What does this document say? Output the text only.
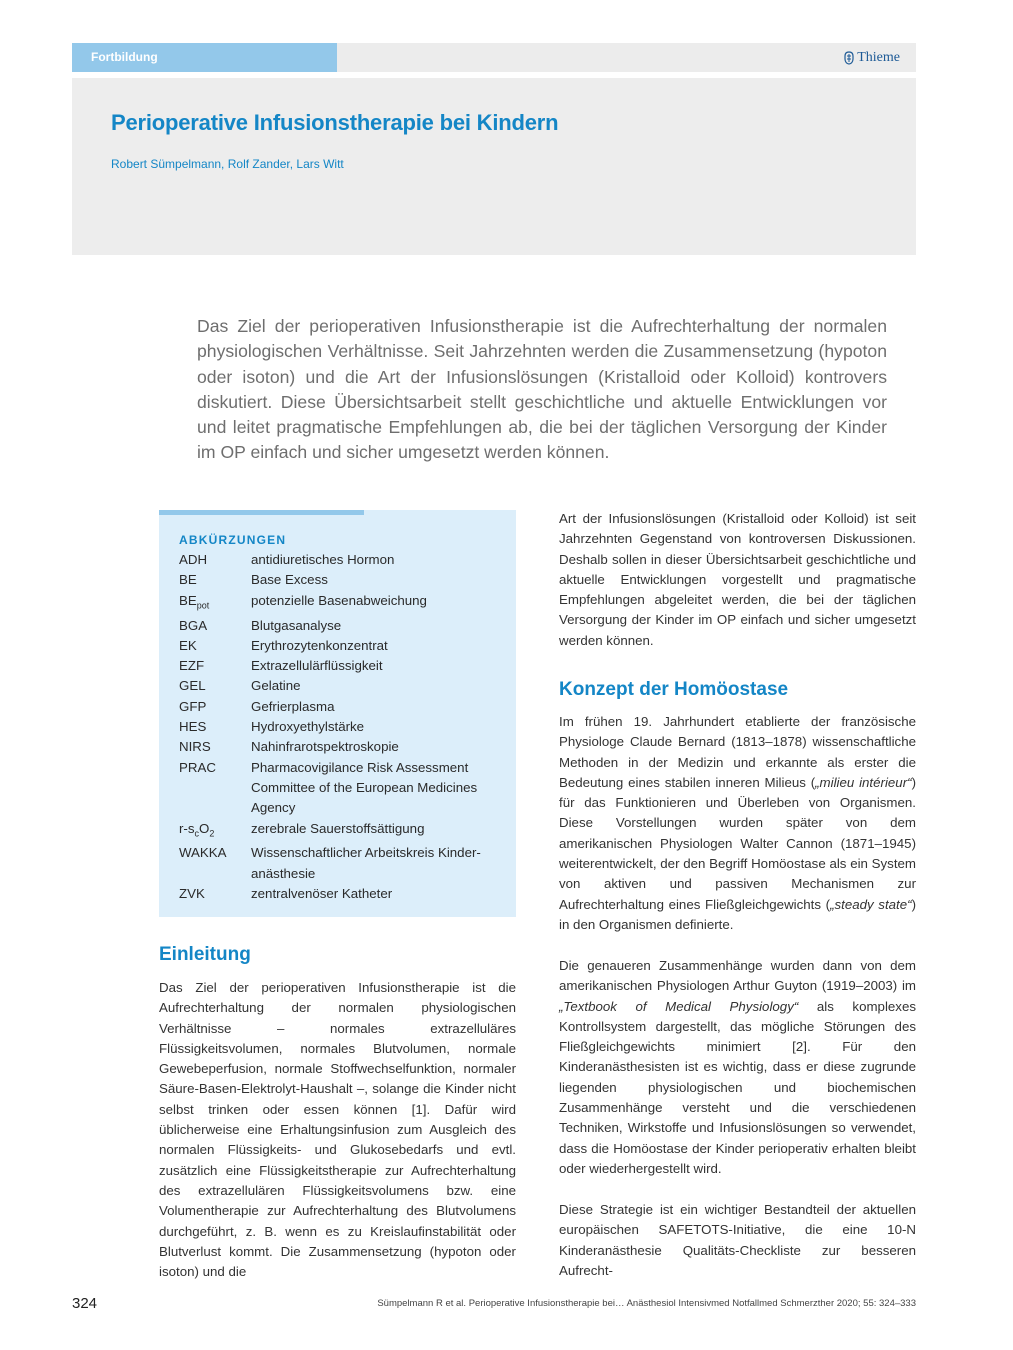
Fortbildung	Thieme
Perioperative Infusionstherapie bei Kindern
Robert Sümpelmann, Rolf Zander, Lars Witt

Das Ziel der perioperativen Infusionstherapie ist die Aufrechterhaltung der normalen physiologischen Verhältnisse. Seit Jahrzehnten werden die Zusammensetzung (hypoton oder isoton) und die Art der Infusionslösungen (Kristalloid oder Kolloid) kontrovers diskutiert. Diese Übersichtsarbeit stellt geschichtliche und aktuelle Entwicklungen vor und leitet pragmatische Empfehlungen ab, die bei der täglichen Versorgung der Kinder im OP einfach und sicher umgesetzt werden können.

ABKÜRZUNGEN
ADH	antidiuretisches Hormon
BE	Base Excess
$BE_{pot}$	potenzielle Basenabweichung
BGA	Blutgasanalyse
EK	Erythrozytenkonzentrat
EZF	Extrazellulärflüssigkeit
GEL	Gelatine
GFP	Gefrierplasma
HES	Hydroxyethylstärke
NIRS	Nahinfrarotspektroskopie
PRAC	Pharmacovigilance Risk Assessment Committee of the European Medicines Agency
$r-s_cO_2$	zerebrale Sauerstoffsättigung
WAKKA	Wissenschaftlicher Arbeitskreis Kinderanästhesie
ZVK	zentralvenöser Katheter
Einleitung

Das Ziel der perioperativen Infusionstherapie ist die Aufrechterhaltung der normalen physiologischen Verhältnisse – normales extrazelluläres Flüssigkeitsvolumen, normales Blutvolumen, normale Gewebeperfusion, normale Stoffwechselfunktion, normaler Säure-Basen-Elektrolyt-Haushalt –, solange die Kinder nicht selbst trinken oder essen können [1]. Dafür wird üblicherweise eine Erhaltungsinfusion zum Ausgleich des normalen Flüssigkeits- und Glukosebedarfs und evtl. zusätzlich eine Flüssigkeitstherapie zur Aufrechterhaltung des extrazellulären Flüssigkeitsvolumens bzw. eine Volumentherapie zur Aufrechterhaltung des Blutvolumens durchgeführt, z. B. wenn es zu Kreislaufinstabilität oder Blutverlust kommt. Die Zusammensetzung (hypoton oder isoton) und die

Art der Infusionslösungen (Kristalloid oder Kolloid) ist seit Jahrzehnten Gegenstand von kontroversen Diskussionen. Deshalb sollen in dieser Übersichtsarbeit geschichtliche und aktuelle Entwicklungen vorgestellt und pragmatische Empfehlungen abgeleitet werden, die bei der täglichen Versorgung der Kinder im OP einfach und sicher umgesetzt werden können.

Konzept der Homöostase

Im frühen 19. Jahrhundert etablierte der französische Physiologe Claude Bernard (1813–1878) wissenschaftliche Methoden in der Medizin und erkannte als erster die Bedeutung eines stabilen inneren Milieus („milieu intérieur“) für das Funktionieren und Überleben von Organismen. Diese Vorstellungen wurden später von dem amerikanischen Physiologen Walter Cannon (1871–1945) weiterentwickelt, der den Begriff Homöostase als ein System von aktiven und passiven Mechanismen zur Aufrechterhaltung eines Fließgleichgewichts („steady state“) in den Organismen definierte.

Die genaueren Zusammenhänge wurden dann von dem amerikanischen Physiologen Arthur Guyton (1919–2003) im „Textbook of Medical Physiology“ als komplexes Kontrollsystem dargestellt, das mögliche Störungen des Fließgleichgewichts minimiert [2]. Für den Kinderanästhesisten ist es wichtig, dass er diese zugrunde liegenden physiologischen und biochemischen Zusammenhänge versteht und die verschiedenen Techniken, Wirkstoffe und Infusionslösungen so verwendet, dass die Homöostase der Kinder perioperativ erhalten bleibt oder wiederhergestellt wird.

Diese Strategie ist ein wichtiger Bestandteil der aktuellen europäischen SAFETOTS-Initiative, die eine 10-N Kinderanästhesie Qualitäts-Checkliste zur besseren Aufrecht-

324	Sümpelmann R et al. Perioperative Infusionstherapie bei… Anästhesiol Intensivmed Notfallmed Schmerzther 2020; 55: 324–333
